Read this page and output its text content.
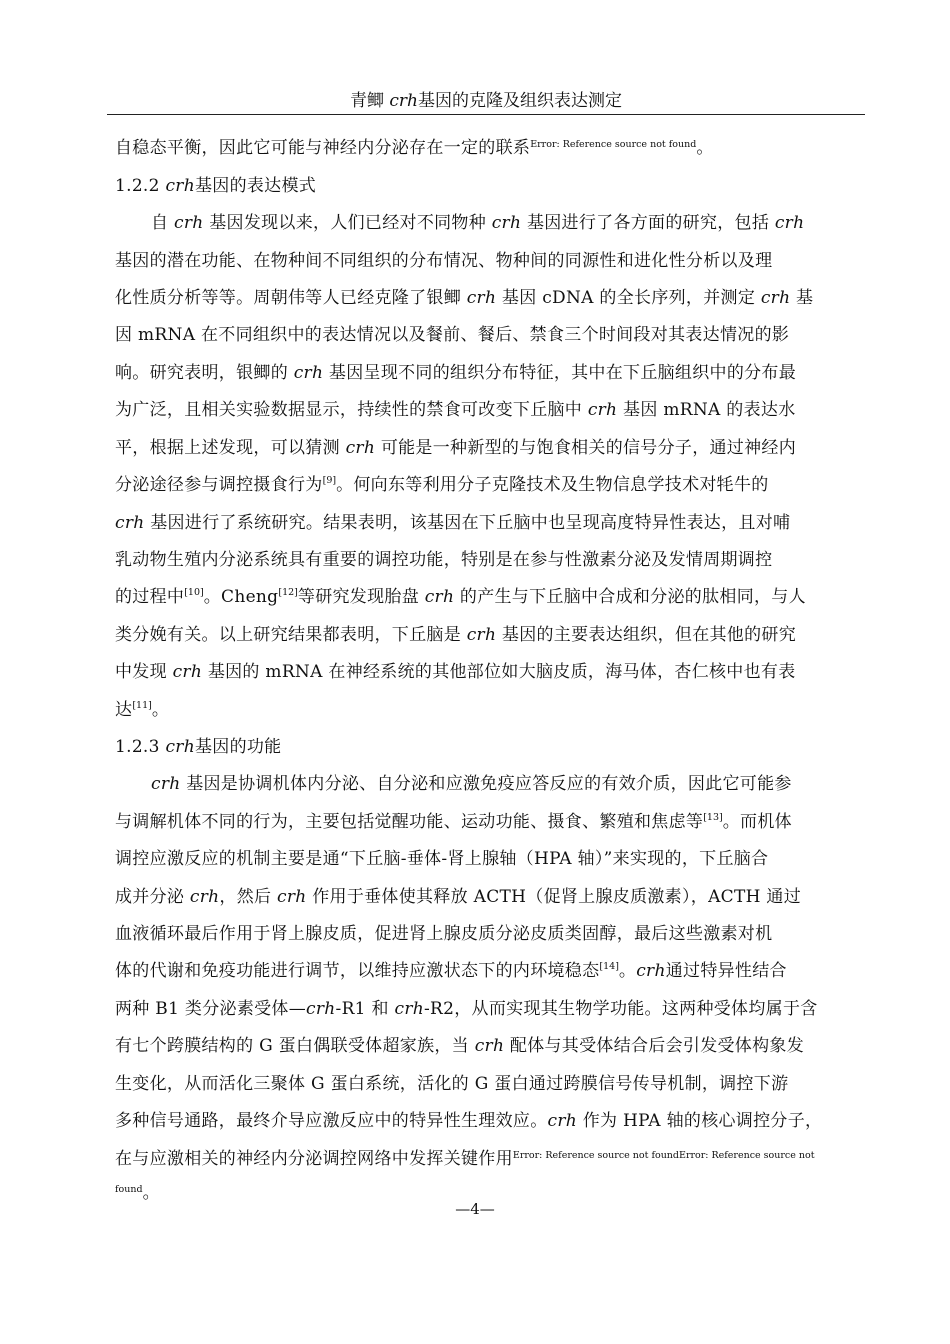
青鲫 crh基因的克隆及组织表达测定
自稳态平衡，因此它可能与神经内分泌存在一定的联系$^{Error: Reference source not found}$。
1.2.2 crh基因的表达模式
自 crh 基因发现以来，人们已经对不同物种 crh 基因进行了各方面的研究，包括 crh
基因的潜在功能、在物种间不同组织的分布情况、物种间的同源性和进化性分析以及理
化性质分析等等。周朝伟等人已经克隆了银鲫 crh 基因 cDNA 的全长序列，并测定 crh 基
因 mRNA 在不同组织中的表达情况以及餐前、餐后、禁食三个时间段对其表达情况的影
响。研究表明，银鲫的 crh 基因呈现不同的组织分布特征，其中在下丘脑组织中的分布最
为广泛，且相关实验数据显示，持续性的禁食可改变下丘脑中 crh 基因 mRNA 的表达水
平，根据上述发现，可以猜测 crh 可能是一种新型的与饱食相关的信号分子，通过神经内
分泌途径参与调控摄食行为[9]。何向东等利用分子克隆技术及生物信息学技术对牦牛的
crh 基因进行了系统研究。结果表明，该基因在下丘脑中也呈现高度特异性表达，且对哺
乳动物生殖内分泌系统具有重要的调控功能，特别是在参与性激素分泌及发情周期调控
的过程中[10]。Cheng[12]等研究发现胎盘 crh 的产生与下丘脑中合成和分泌的肽相同，与人
类分娩有关。以上研究结果都表明，下丘脑是 crh 基因的主要表达组织，但在其他的研究
中发现 crh 基因的 mRNA 在神经系统的其他部位如大脑皮质，海马体，杏仁核中也有表
达[11]。
1.2.3 crh基因的功能
crh 基因是协调机体内分泌、自分泌和应激免疫应答反应的有效介质，因此它可能参
与调解机体不同的行为，主要包括觉醒功能、运动功能、摄食、繁殖和焦虑等[13]。而机体
调控应激反应的机制主要是通“下丘脑-垂体-肾上腺轴（HPA 轴）”来实现的，下丘脑合
成并分泌 crh，然后 crh 作用于垂体使其释放 ACTH（促肾上腺皮质激素），ACTH 通过
血液循环最后作用于肾上腺皮质，促进肾上腺皮质分泌皮质类固醇，最后这些激素对机
体的代谢和免疫功能进行调节，以维持应激状态下的内环境稳态[14]。crh通过特异性结合
两种 B1 类分泌素受体—crh-R1 和 crh-R2，从而实现其生物学功能。这两种受体均属于含
有七个跨膜结构的 G 蛋白偶联受体超家族，当 crh 配体与其受体结合后会引发受体构象发
生变化，从而活化三聚体 G 蛋白系统，活化的 G 蛋白通过跨膜信号传导机制，调控下游
多种信号通路，最终介导应激反应中的特异性生理效应。crh 作为 HPA 轴的核心调控分子，
在与应激相关的神经内分泌调控网络中发挥关键作用$^{Error: Reference source not foundError: Reference source not}$
$^{found}$。
—4—
